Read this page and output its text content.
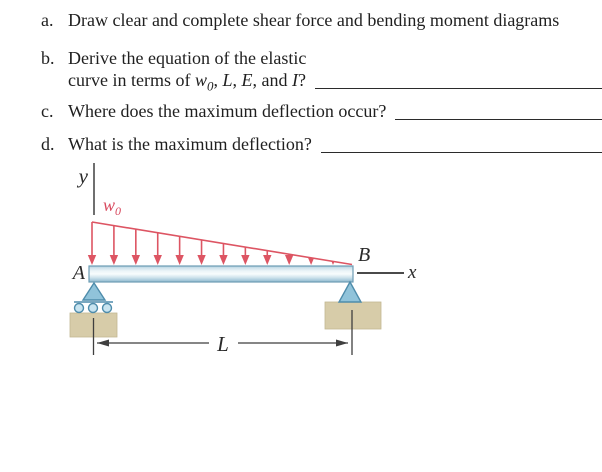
a. Draw clear and complete shear force and bending moment diagrams
b. Derive the equation of the elastic
curve in terms of $w_0$, L, E, and I?
c. Where does the maximum deflection occur?
d. What is the maximum deflection?
y
$w_0$
A
B
x
L
